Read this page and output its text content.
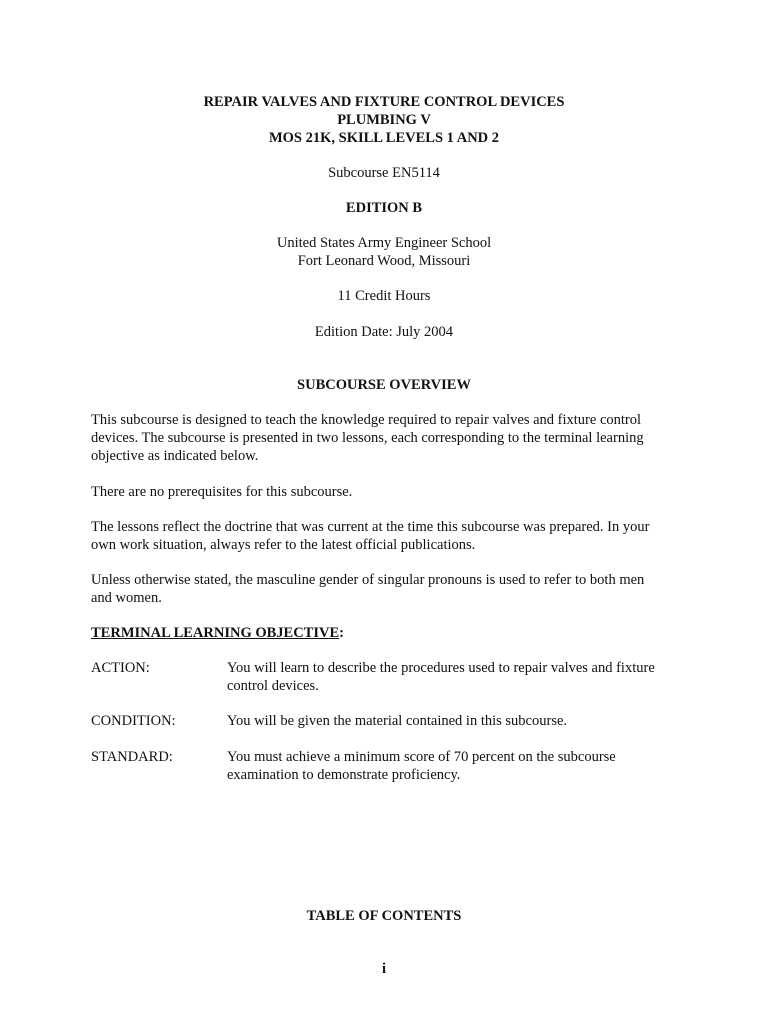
REPAIR VALVES AND FIXTURE CONTROL DEVICES
PLUMBING V
MOS 21K, SKILL LEVELS 1 AND 2
Subcourse EN5114
EDITION B
United States Army Engineer School
Fort Leonard Wood, Missouri
11 Credit Hours
Edition Date: July 2004
SUBCOURSE OVERVIEW
This subcourse is designed to teach the knowledge required to repair valves and fixture control
devices. The subcourse is presented in two lessons, each corresponding to the terminal learning
objective as indicated below.
There are no prerequisites for this subcourse.
The lessons reflect the doctrine that was current at the time this subcourse was prepared. In your
own work situation, always refer to the latest official publications.
Unless otherwise stated, the masculine gender of singular pronouns is used to refer to both men
and women.
TERMINAL LEARNING OBJECTIVE:
ACTION:	You will learn to describe the procedures used to repair valves and fixture
control devices.
CONDITION:	You will be given the material contained in this subcourse.
STANDARD:	You must achieve a minimum score of 70 percent on the subcourse
examination to demonstrate proficiency.
TABLE OF CONTENTS
i
